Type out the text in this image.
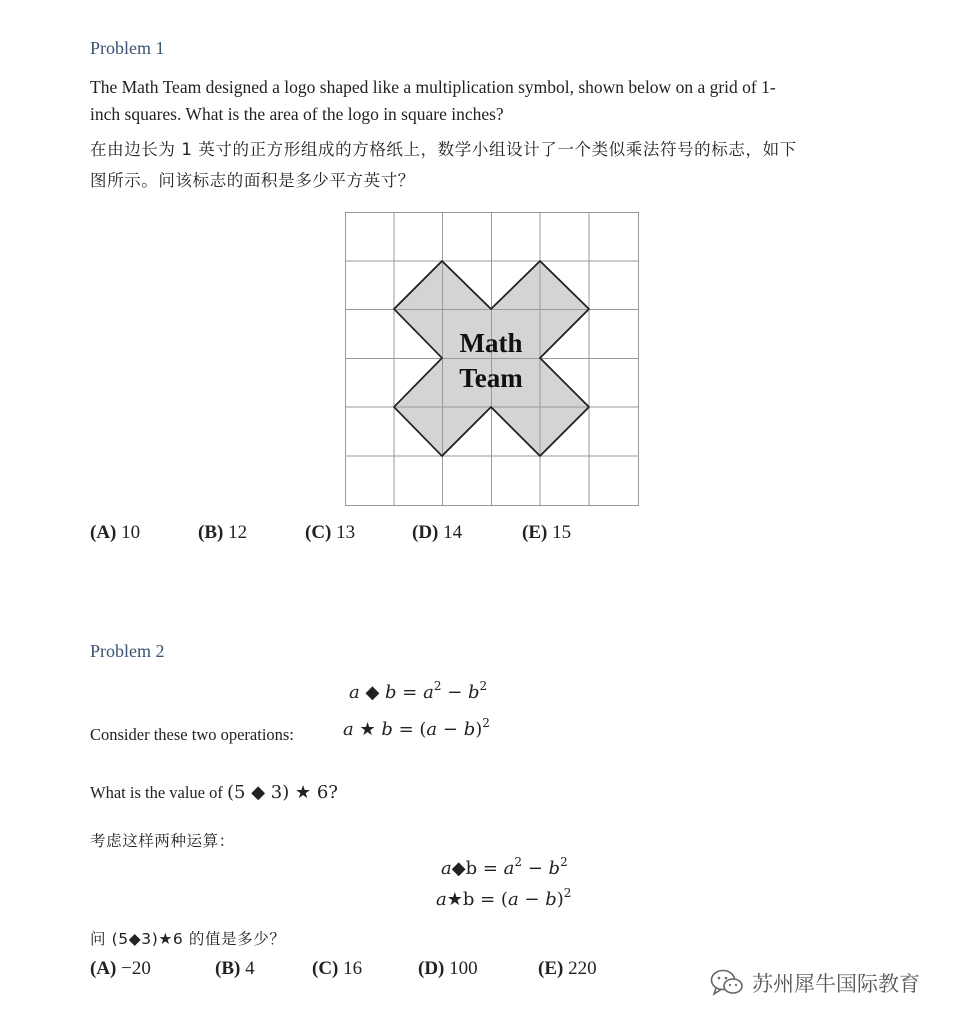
Problem 1
The Math Team designed a logo shaped like a multiplication symbol, shown below on a grid of 1-
inch squares. What is the area of the logo in square inches?
在由边长为 1 英寸的正方形组成的方格纸上，数学小组设计了一个类似乘法符号的标志，如下
图所示。问该标志的面积是多少平方英寸？
Math
Team
(A) 10	(B) 12	(C) 13	(D) 14	(E) 15
Problem 2
a ◆ $b = a^2 - b^2$
Consider these two operations:	a ★ $b = (a - b)^2$
What is the value of (5 ◆ 3) ★ 6?
考虑这样两种运算：
a◆b = $a^2 - b^2$
a★b = $(a - b)^2$
问 (5◆3)★6 的值是多少？
(A) −20	(B) 4	(C) 16	(D) 100	(E) 220
苏州犀牛国际教育
